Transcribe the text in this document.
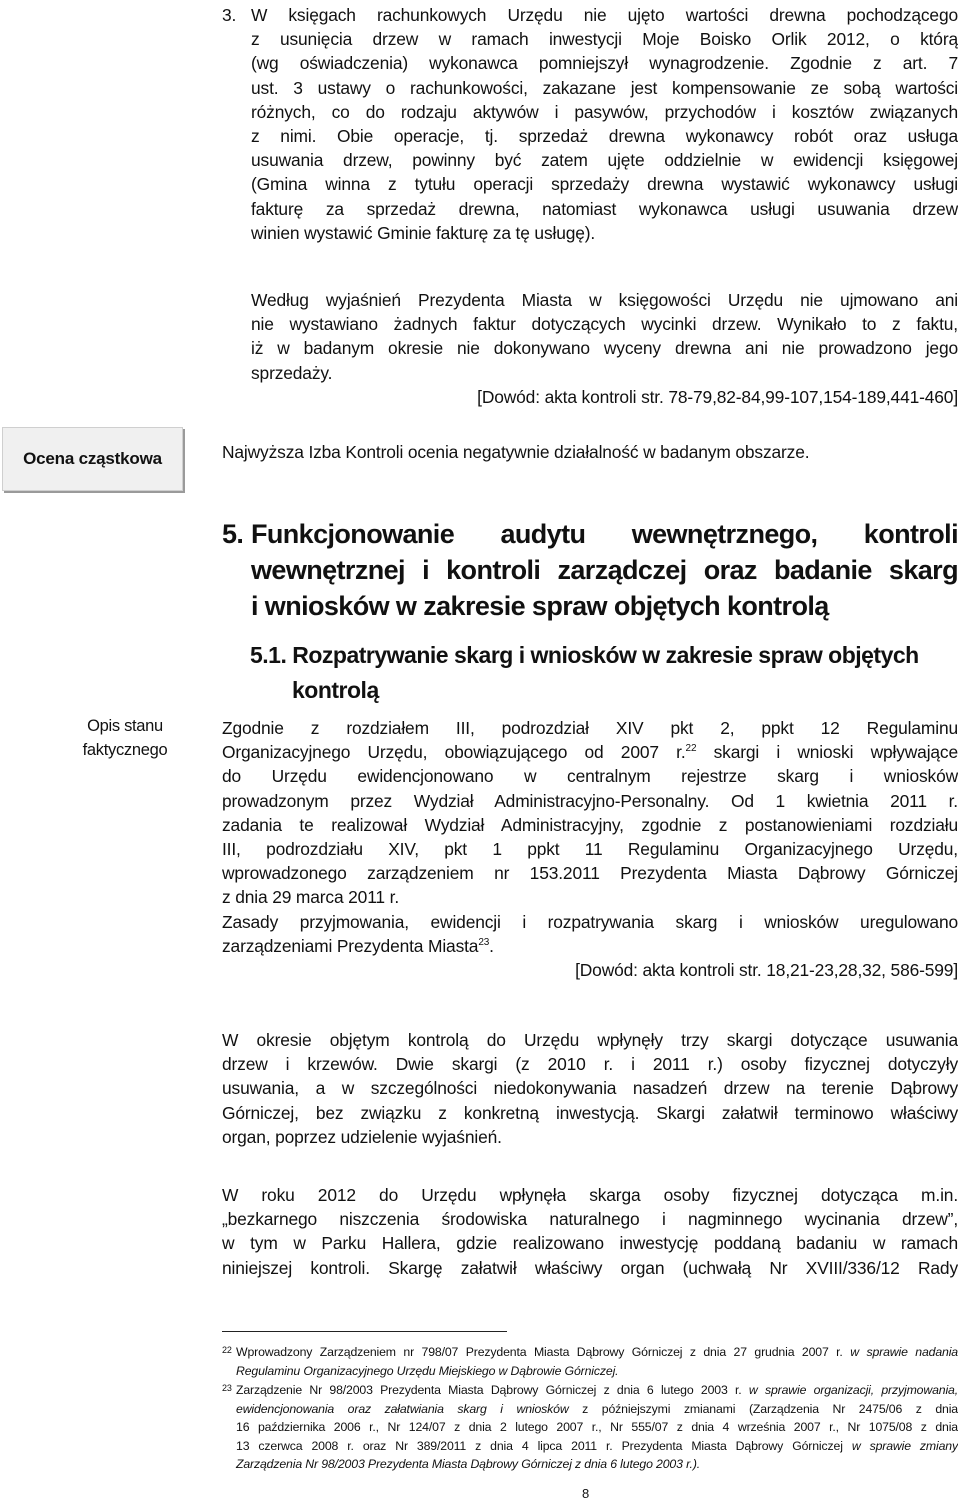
3. W księgach rachunkowych Urzędu nie ujęto wartości drewna pochodzącego
z usunięcia drzew w ramach inwestycji Moje Boisko Orlik 2012, o którą
(wg oświadczenia) wykonawca pomniejszył wynagrodzenie. Zgodnie z art. 7
ust. 3 ustawy o rachunkowości, zakazane jest kompensowanie ze sobą wartości
różnych, co do rodzaju aktywów i pasywów, przychodów i kosztów związanych
z nimi. Obie operacje, tj. sprzedaż drewna wykonawcy robót oraz usługa
usuwania drzew, powinny być zatem ujęte oddzielnie w ewidencji księgowej
(Gmina winna z tytułu operacji sprzedaży drewna wystawić wykonawcy usługi
fakturę za sprzedaż drewna, natomiast wykonawca usługi usuwania drzew
winien wystawić Gminie fakturę za tę usługę).
Według wyjaśnień Prezydenta Miasta w księgowości Urzędu nie ujmowano ani
nie wystawiano żadnych faktur dotyczących wycinki drzew. Wynikało to z faktu,
iż w badanym okresie nie dokonywano wyceny drewna ani nie prowadzono jego
sprzedaży.
[Dowód: akta kontroli str. 78-79,82-84,99-107,154-189,441-460]
Ocena cząstkowa	Najwyższa Izba Kontroli ocenia negatywnie działalność w badanym obszarze.
5. Funkcjonowanie audytu wewnętrznego, kontroli
wewnętrznej i kontroli zarządczej oraz badanie skarg
i wniosków w zakresie spraw objętych kontrolą
5.1. Rozpatrywanie skarg i wniosków w zakresie spraw objętych
kontrolą
Opis stanu
faktycznego
Zgodnie z rozdziałem III, podrozdział XIV pkt 2, ppkt 12 Regulaminu
Organizacyjnego Urzędu, obowiązującego od 2007 r.$^{22}$ skargi i wnioski wpływające
do Urzędu ewidencjonowano w centralnym rejestrze skarg i wniosków
prowadzonym przez Wydział Administracyjno-Personalny. Od 1 kwietnia 2011 r.
zadania te realizował Wydział Administracyjny, zgodnie z postanowieniami rozdziału
III, podrozdziału XIV, pkt 1 ppkt 11 Regulaminu Organizacyjnego Urzędu,
wprowadzonego zarządzeniem nr 153.2011 Prezydenta Miasta Dąbrowy Górniczej
z dnia 29 marca 2011 r.
Zasady przyjmowania, ewidencji i rozpatrywania skarg i wniosków uregulowano
zarządzeniami Prezydenta Miasta$^{23}$.
[Dowód: akta kontroli str. 18,21-23,28,32, 586-599]
W okresie objętym kontrolą do Urzędu wpłynęły trzy skargi dotyczące usuwania
drzew i krzewów. Dwie skargi (z 2010 r. i 2011 r.) osoby fizycznej dotyczyły
usuwania, a w szczególności niedokonywania nasadzeń drzew na terenie Dąbrowy
Górniczej, bez związku z konkretną inwestycją. Skargi załatwił terminowo właściwy
organ, poprzez udzielenie wyjaśnień.
W roku 2012 do Urzędu wpłynęła skarga osoby fizycznej dotycząca m.in.
„bezkarnego niszczenia środowiska naturalnego i nagminnego wycinania drzew”,
w tym w Parku Hallera, gdzie realizowano inwestycję poddaną badaniu w ramach
niniejszej kontroli. Skargę załatwił właściwy organ (uchwałą Nr XVIII/336/12 Rady
22 Wprowadzony Zarządzeniem nr 798/07 Prezydenta Miasta Dąbrowy Górniczej z dnia 27 grudnia 2007 r. w sprawie nadania
Regulaminu Organizacyjnego Urzędu Miejskiego w Dąbrowie Górniczej.
23 Zarządzenie Nr 98/2003 Prezydenta Miasta Dąbrowy Górniczej z dnia 6 lutego 2003 r. w sprawie organizacji, przyjmowania,
ewidencjonowania oraz załatwiania skarg i wniosków z późniejszymi zmianami (Zarządzenia Nr 2475/06 z dnia
16 października 2006 r., Nr 124/07 z dnia 2 lutego 2007 r., Nr 555/07 z dnia 4 września 2007 r., Nr 1075/08 z dnia
13 czerwca 2008 r. oraz Nr 389/2011 z dnia 4 lipca 2011 r. Prezydenta Miasta Dąbrowy Górniczej w sprawie zmiany
Zarządzenia Nr 98/2003 Prezydenta Miasta Dąbrowy Górniczej z dnia 6 lutego 2003 r.).
8
